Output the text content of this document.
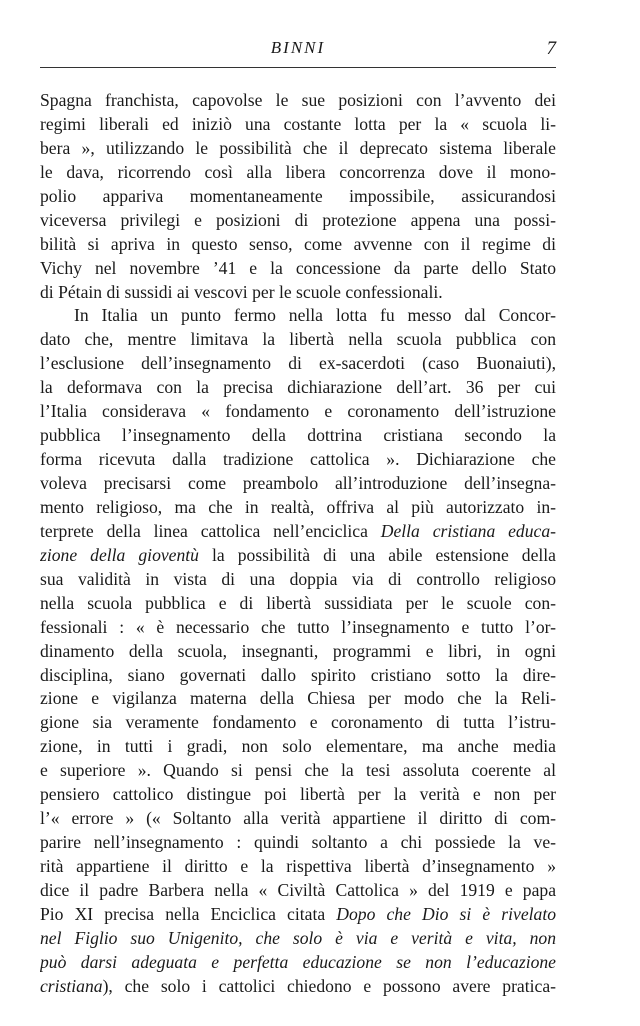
BINNI	7
Spagna franchista, capovolse le sue posizioni con l’avvento dei
regimi liberali ed iniziò una costante lotta per la « scuola li-
bera », utilizzando le possibilità che il deprecato sistema liberale
le dava, ricorrendo così alla libera concorrenza dove il mono-
polio appariva momentaneamente impossibile, assicurandosi
viceversa privilegi e posizioni di protezione appena una possi-
bilità si apriva in questo senso, come avvenne con il regime di
Vichy nel novembre ’41 e la concessione da parte dello Stato
di Pétain di sussidi ai vescovi per le scuole confessionali.
In Italia un punto fermo nella lotta fu messo dal Concor-
dato che, mentre limitava la libertà nella scuola pubblica con
l’esclusione dell’insegnamento di ex-sacerdoti (caso Buonaiuti),
la deformava con la precisa dichiarazione dell’art. 36 per cui
l’Italia considerava « fondamento e coronamento dell’istruzione
pubblica l’insegnamento della dottrina cristiana secondo la
forma ricevuta dalla tradizione cattolica ». Dichiarazione che
voleva precisarsi come preambolo all’introduzione dell’insegna-
mento religioso, ma che in realtà, offriva al più autorizzato in-
terprete della linea cattolica nell’enciclica Della cristiana educa-
zione della gioventù la possibilità di una abile estensione della
sua validità in vista di una doppia via di controllo religioso
nella scuola pubblica e di libertà sussidiata per le scuole con-
fessionali : « è necessario che tutto l’insegnamento e tutto l’or-
dinamento della scuola, insegnanti, programmi e libri, in ogni
disciplina, siano governati dallo spirito cristiano sotto la dire-
zione e vigilanza materna della Chiesa per modo che la Reli-
gione sia veramente fondamento e coronamento di tutta l’istru-
zione, in tutti i gradi, non solo elementare, ma anche media
e superiore ». Quando si pensi che la tesi assoluta coerente al
pensiero cattolico distingue poi libertà per la verità e non per
l’« errore » (« Soltanto alla verità appartiene il diritto di com-
parire nell’insegnamento : quindi soltanto a chi possiede la ve-
rità appartiene il diritto e la rispettiva libertà d’insegnamento »
dice il padre Barbera nella « Civiltà Cattolica » del 1919 e papa
Pio XI precisa nella Enciclica citata Dopo che Dio si è rivelato
nel Figlio suo Unigenito, che solo è via e verità e vita, non
può darsi adeguata e perfetta educazione se non l’educazione
cristiana), che solo i cattolici chiedono e possono avere pratica-
